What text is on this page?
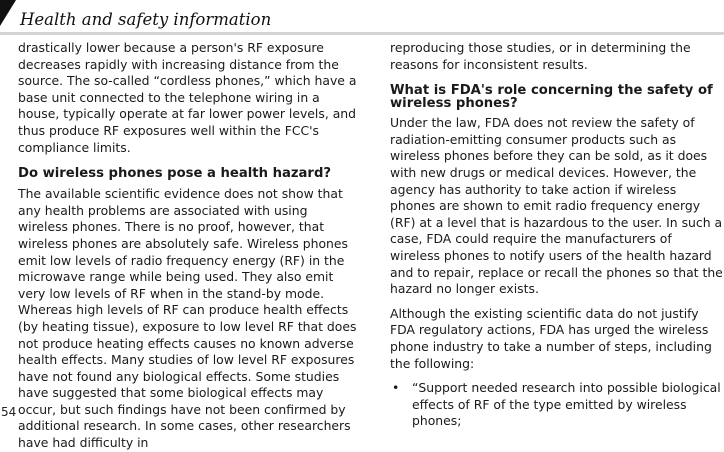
Health and safety information

drastically lower because a person's RF exposure decreases rapidly with increasing distance from the source. The so-called “cordless phones,” which have a base unit connected to the telephone wiring in a house, typically operate at far lower power levels, and thus produce RF exposures well within the FCC's compliance limits.

Do wireless phones pose a health hazard?

The available scientific evidence does not show that any health problems are associated with using wireless phones. There is no proof, however, that wireless phones are absolutely safe. Wireless phones emit low levels of radio frequency energy (RF) in the microwave range while being used. They also emit very low levels of RF when in the stand-by mode. Whereas high levels of RF can produce health effects (by heating tissue), exposure to low level RF that does not produce heating effects causes no known adverse health effects. Many studies of low level RF exposures have not found any biological effects. Some studies have suggested that some biological effects may occur, but such findings have not been confirmed by additional research. In some cases, other researchers have had difficulty in

reproducing those studies, or in determining the reasons for inconsistent results.

What is FDA's role concerning the safety of wireless phones?

Under the law, FDA does not review the safety of radiation-emitting consumer products such as wireless phones before they can be sold, as it does with new drugs or medical devices. However, the agency has authority to take action if wireless phones are shown to emit radio frequency energy (RF) at a level that is hazardous to the user. In such a case, FDA could require the manufacturers of wireless phones to notify users of the health hazard and to repair, replace or recall the phones so that the hazard no longer exists.

Although the existing scientific data do not justify FDA regulatory actions, FDA has urged the wireless phone industry to take a number of steps, including the following:

• “Support needed research into possible biological effects of RF of the type emitted by wireless phones;

54
